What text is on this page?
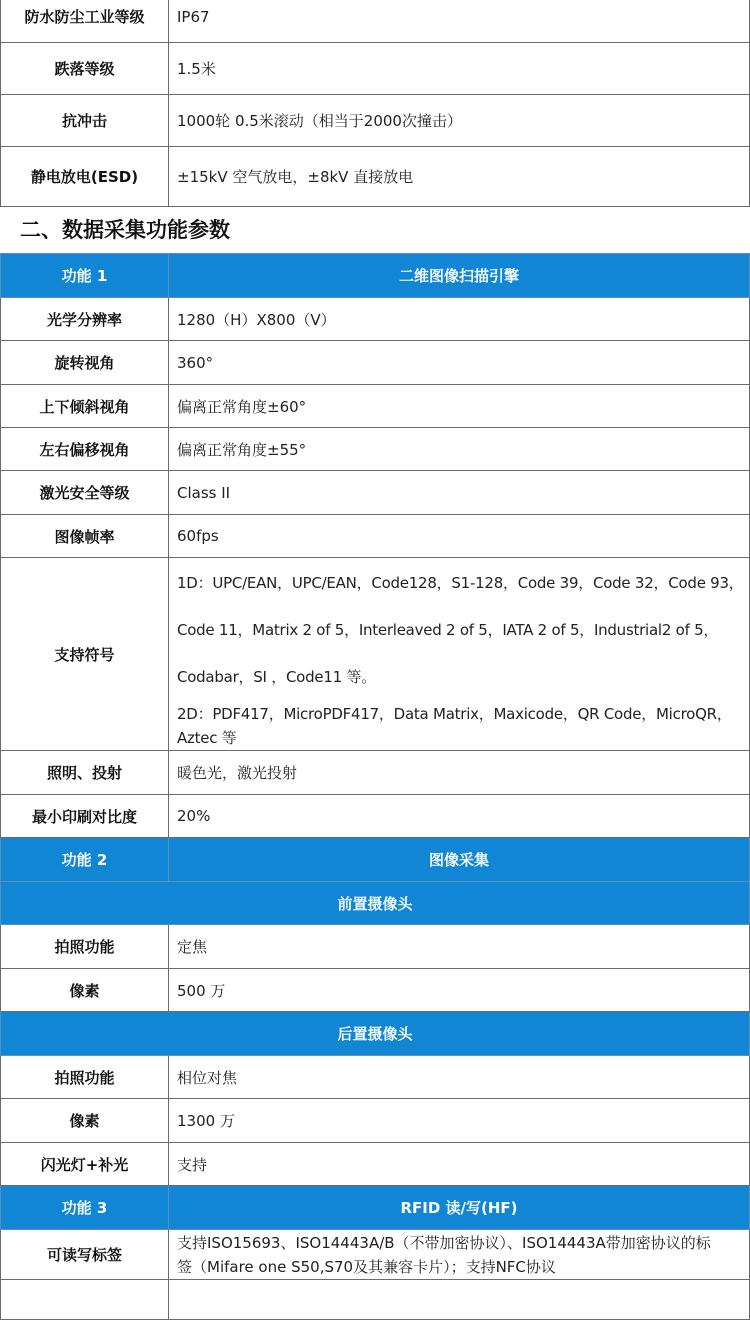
防水防尘工业等级	IP67
跌落等级	1.5米
抗冲击	1000轮 0.5米滚动（相当于2000次撞击）
静电放电(ESD)	±15kV 空气放电，±8kV 直接放电
二、数据采集功能参数
功能 1	二维图像扫描引擎
光学分辨率	1280（H）X800（V）
旋转视角	360°
上下倾斜视角	偏离正常角度±60°
左右偏移视角	偏离正常角度±55°
激光安全等级	Class II
图像帧率	60fps
支持符号	1D：UPC/EAN，UPC/EAN，Code128，S1-128，Code 39，Code 32，Code 93，
Code 11，Matrix 2 of 5，Interleaved 2 of 5，IATA 2 of 5，Industrial2 of 5，
Codabar，SI ，Code11 等。
2D：PDF417，MicroPDF417，Data Matrix，Maxicode，QR Code，MicroQR，
Aztec 等

照明、投射	暖色光，激光投射
最小印刷对比度	20%
功能 2	图像采集
前置摄像头	
拍照功能	定焦
像素	500 万
后置摄像头	
拍照功能	相位对焦
像素	1300 万
闪光灯+补光	支持
功能 3	RFID 读/写(HF)
可读写标签	支持ISO15693、ISO14443A/B（不带加密协议）、ISO14443A带加密协议的标
签（Mifare one S50,S70及其兼容卡片）；支持NFC协议
